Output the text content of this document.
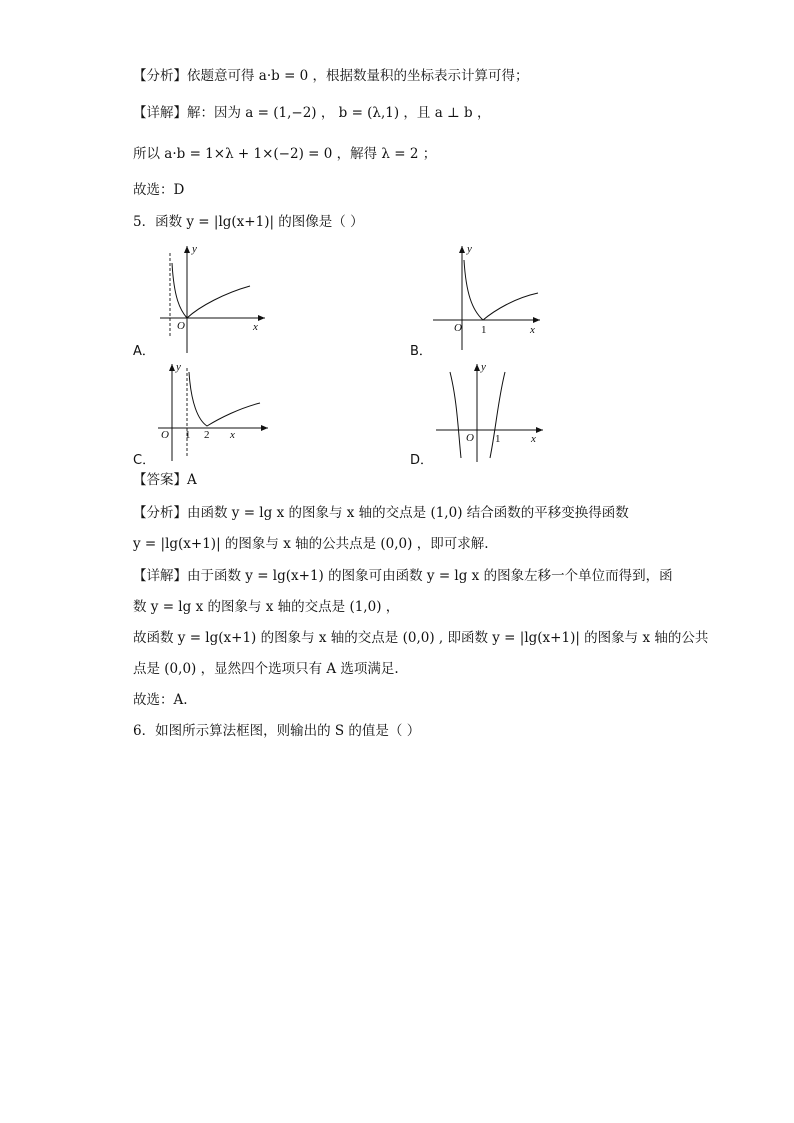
【分析】依题意可得 a·b = 0 ，根据数量积的坐标表示计算可得；
【详解】解：因为 a = (1,−2) ， b = (λ,1) ，且 a ⊥ b ，
所以 a·b = 1×λ + 1×(−2) = 0 ，解得 λ = 2 ；
故选：D
5．函数 y = |lg(x+1)| 的图像是（ ）
A．
y
x
O
B．
y
x
O 1
C．
y
x
O 1 2
D．
y
x
O 1
【答案】A
【分析】由函数 y = lg x 的图象与 x 轴的交点是 (1,0) 结合函数的平移变换得函数
y = |lg(x+1)| 的图象与 x 轴的公共点是 (0,0) ，即可求解.
【详解】由于函数 y = lg(x+1) 的图象可由函数 y = lg x 的图象左移一个单位而得到，函
数 y = lg x 的图象与 x 轴的交点是 (1,0) ，
故函数 y = lg(x+1) 的图象与 x 轴的交点是 (0,0) , 即函数 y = |lg(x+1)| 的图象与 x 轴的公共
点是 (0,0) ，显然四个选项只有 A 选项满足.
故选：A.
6．如图所示算法框图，则输出的 S 的值是（ ）
